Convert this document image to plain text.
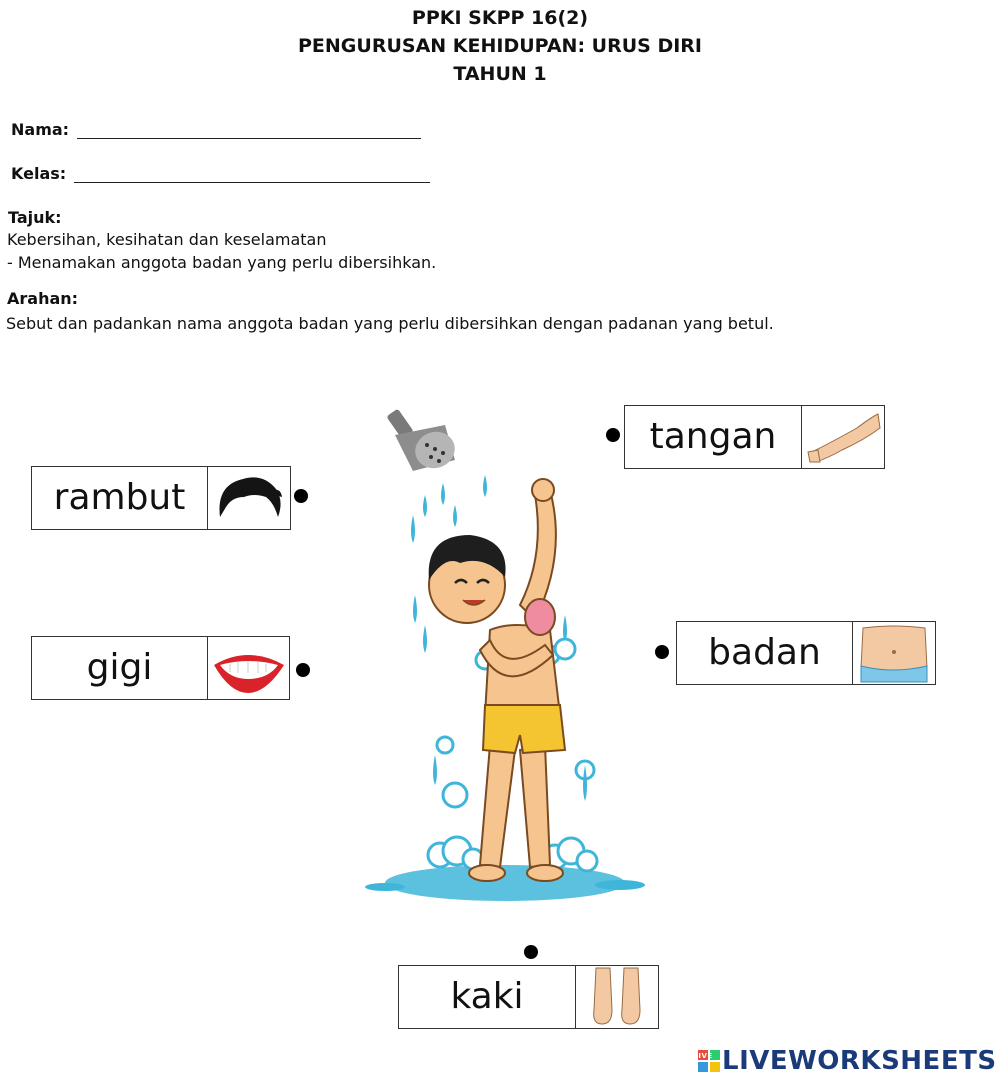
PPKI SKPP 16(2)
PENGURUSAN KEHIDUPAN: URUS DIRI
TAHUN 1
Nama:
Kelas:
Tajuk:
Kebersihan, kesihatan dan keselamatan
- Menamakan anggota badan yang perlu dibersihkan.
Arahan:
Sebut dan padankan nama anggota badan yang perlu dibersihkan dengan padanan yang betul.
rambut
gigi
tangan
badan
kaki
LIVE LIVEWORKSHEETS
